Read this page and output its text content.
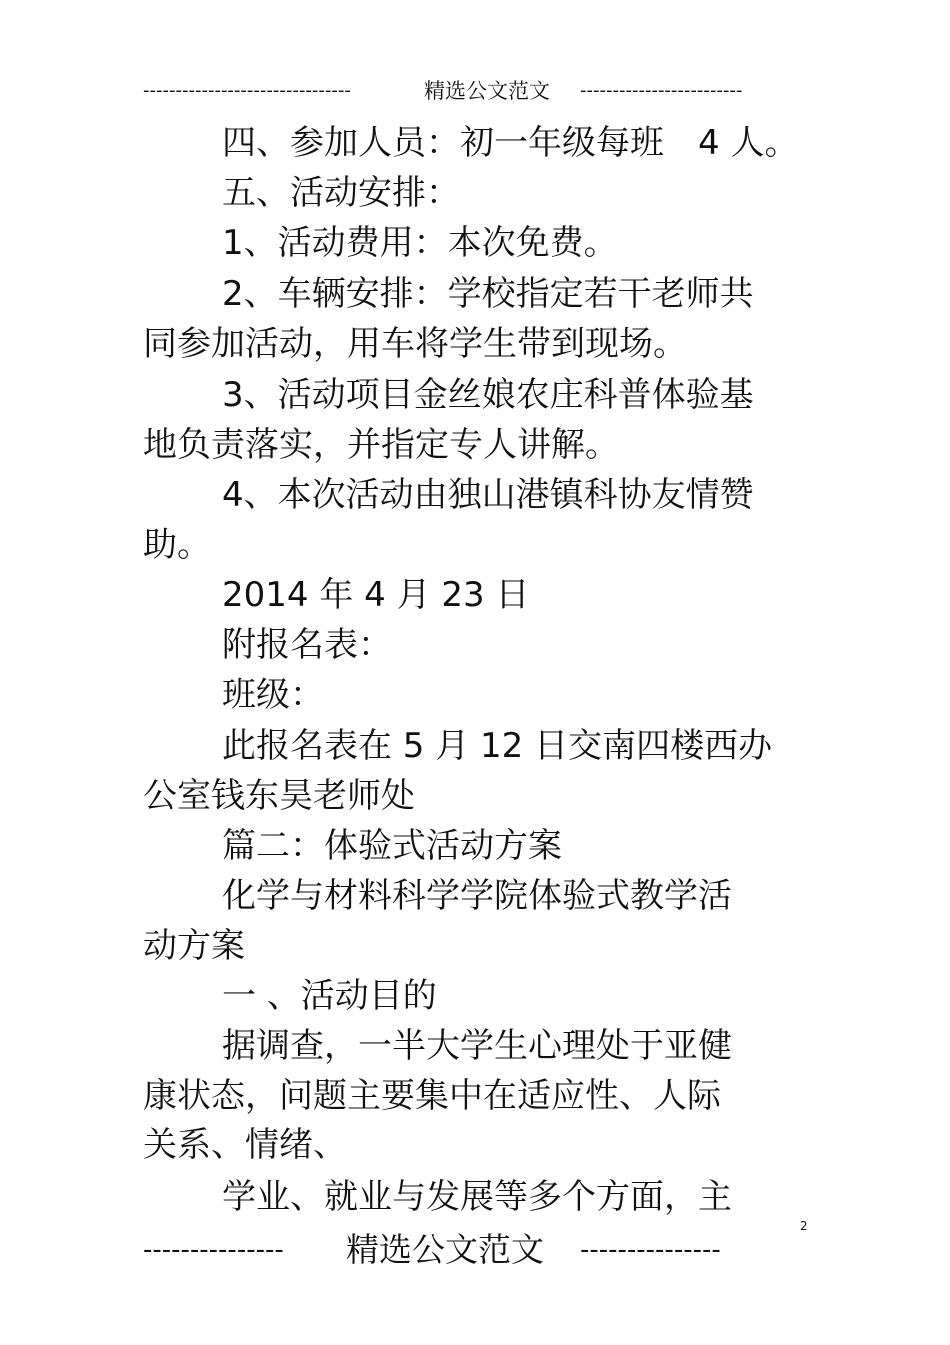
--------------------------------	精选公文范文 -------------------------
四、参加人员：初一年级每班　4 人。
五、活动安排：
1、活动费用：本次免费。
2、车辆安排：学校指定若干老师共
同参加活动，用车将学生带到现场。
3、活动项目金丝娘农庄科普体验基
地负责落实，并指定专人讲解。
4、本次活动由独山港镇科协友情赞
助。
2014 年 4 月 23 日
附报名表：
班级：
此报名表在 5 月 12 日交南四楼西办
公室钱东昊老师处
篇二：体验式活动方案
化学与材料科学学院体验式教学活
动方案
一 、活动目的
据调查，一半大学生心理处于亚健
康状态，问题主要集中在适应性、人际
关系、情绪、
学业、就业与发展等多个方面，主
2
---------------	精选公文范文 ---------------
